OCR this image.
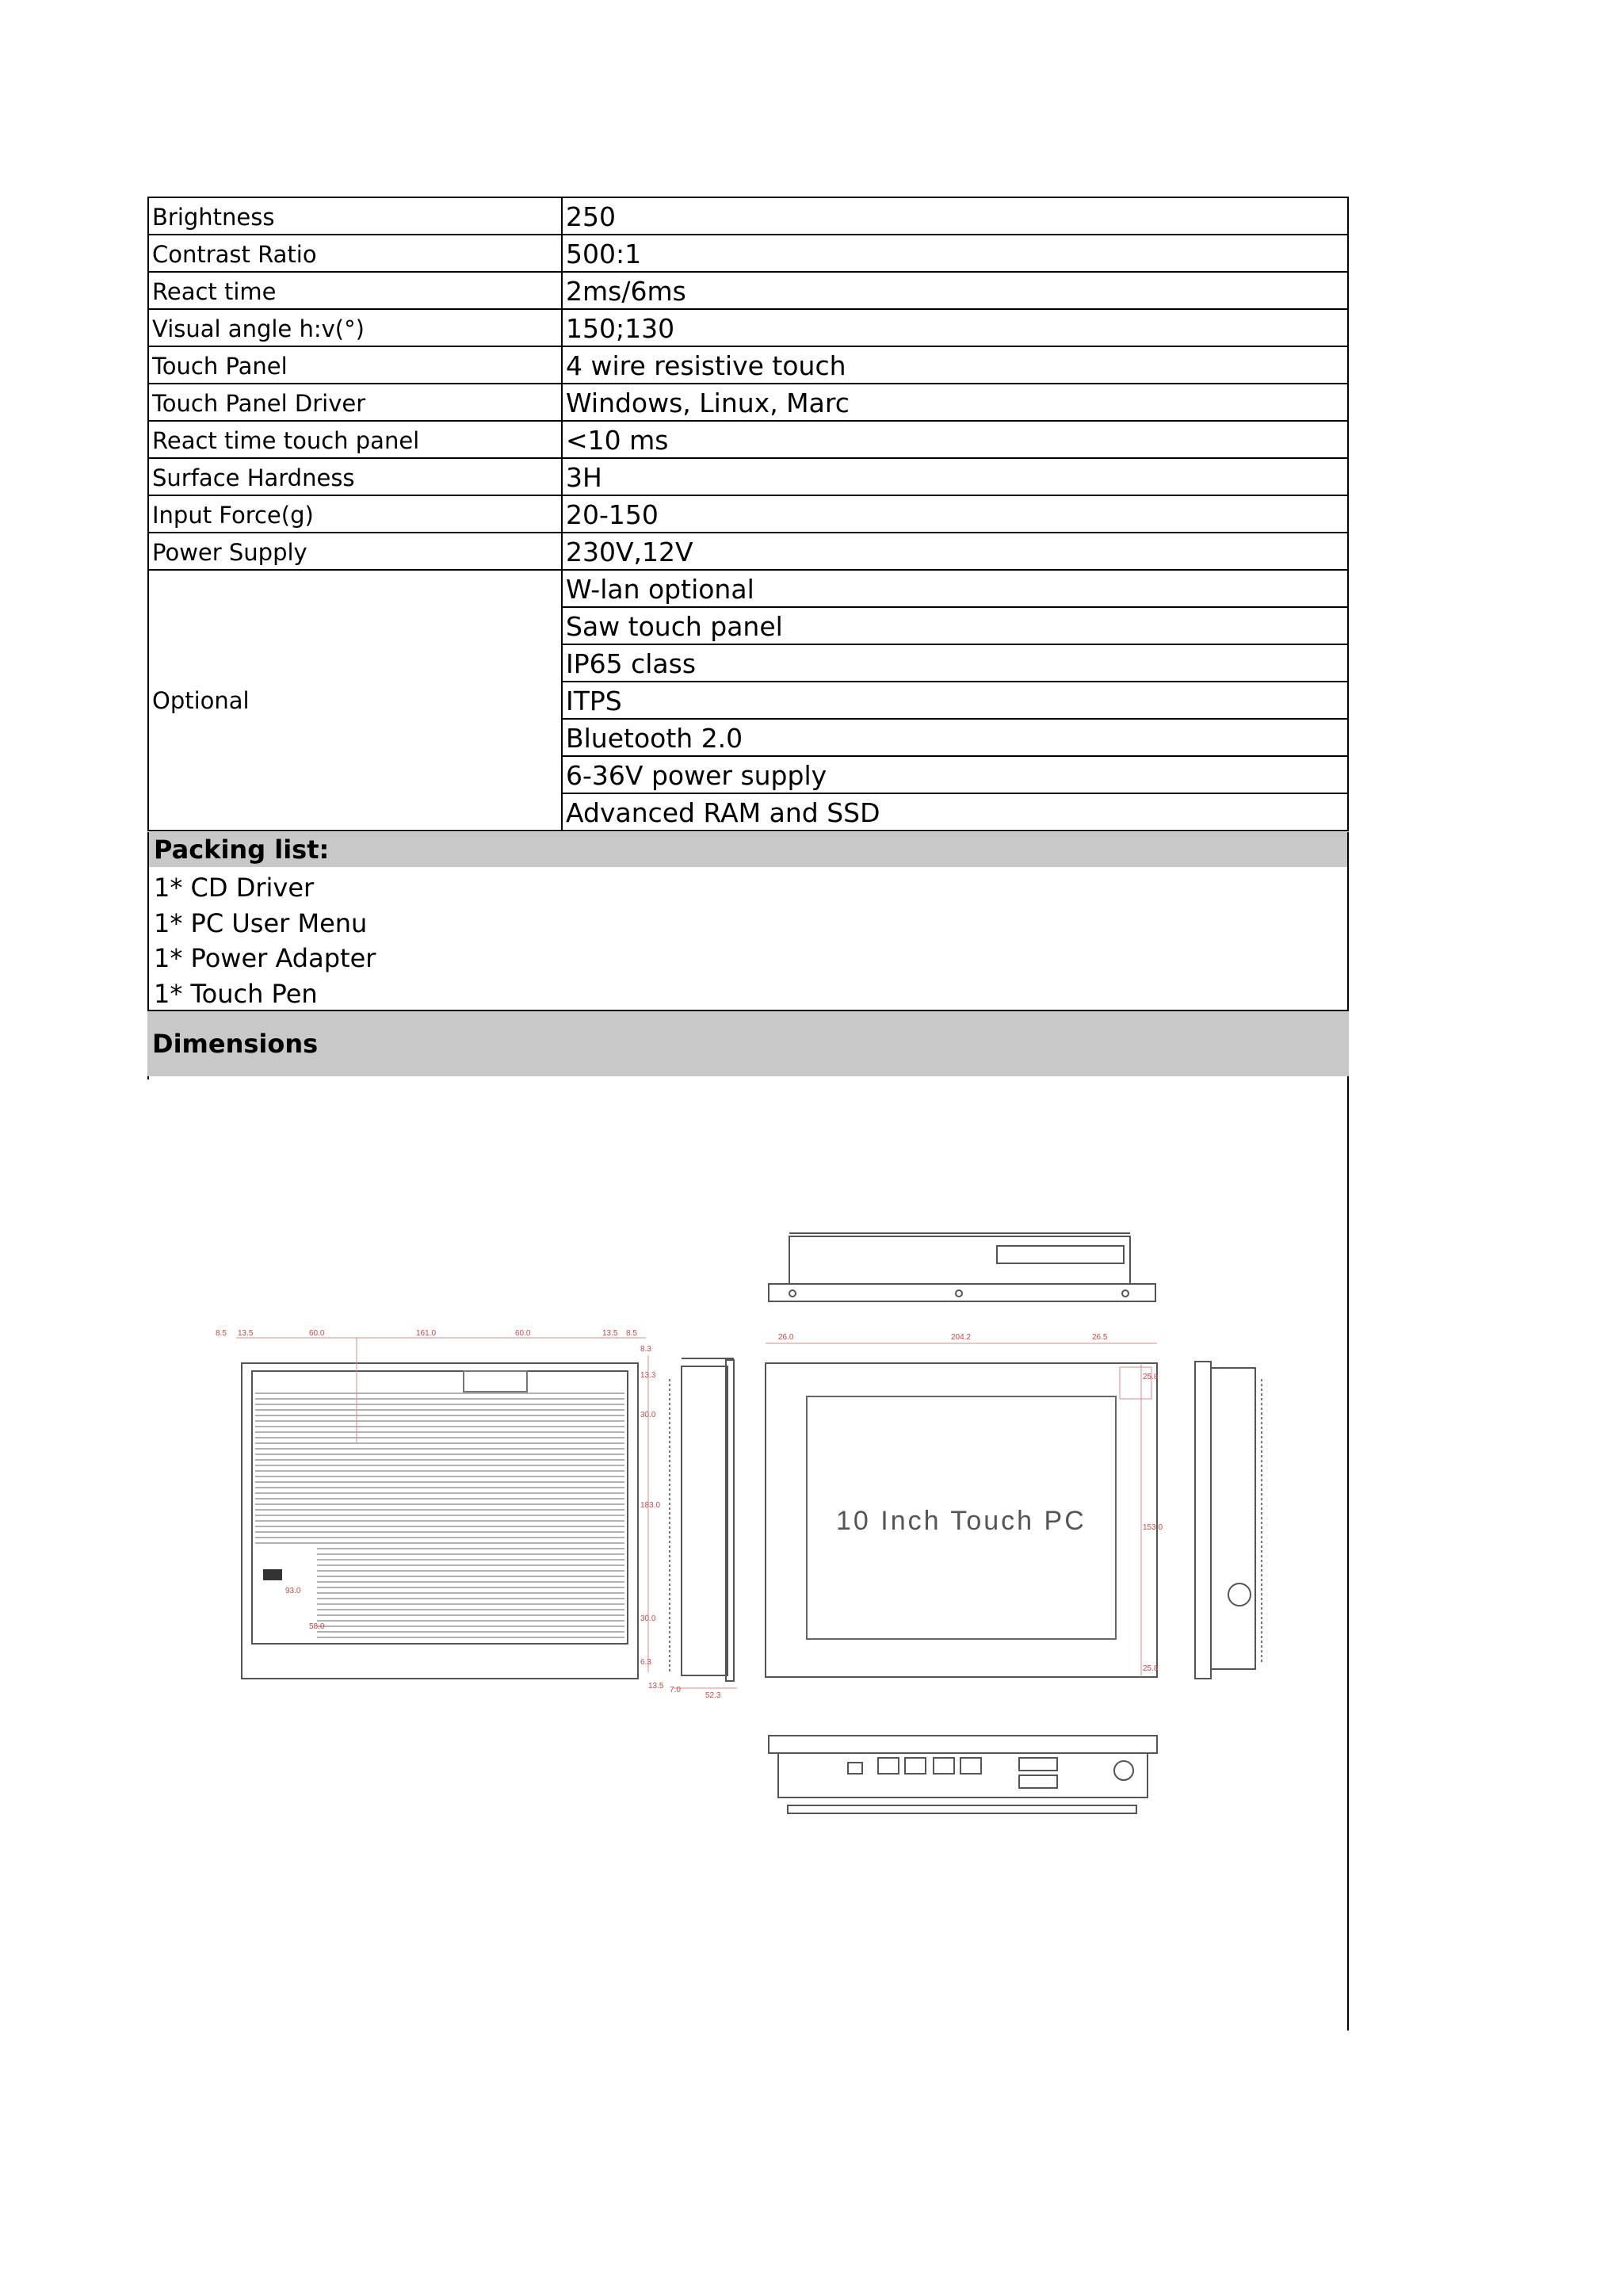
Brightness	250
Contrast Ratio	500:1
React time	2ms/6ms
Visual angle h:v(°)	150;130
Touch Panel	4 wire resistive touch
Touch Panel Driver	Windows, Linux, Marc
React time touch panel	<10 ms
Surface Hardness	3H
Input Force(g)	20-150
Power Supply	230V,12V
Optional	W-lan optional
	Saw touch panel
	IP65 class
	ITPS
	Bluetooth 2.0
	6-36V power supply
	Advanced RAM and SSD
Packing list:
1* CD Driver
1* PC User Menu
1* Power Adapter
1* Touch Pen
Dimensions
10 Inch Touch PC
8.5 13.5	60.0	161.0	60.0	13.5 8.5
8.3
13.3
30.0
183.0
30.0
6.3
93.0
58.0
13.5 7.0
52.3
26.0	204.2	26.5
25.8
153.0
25.8
